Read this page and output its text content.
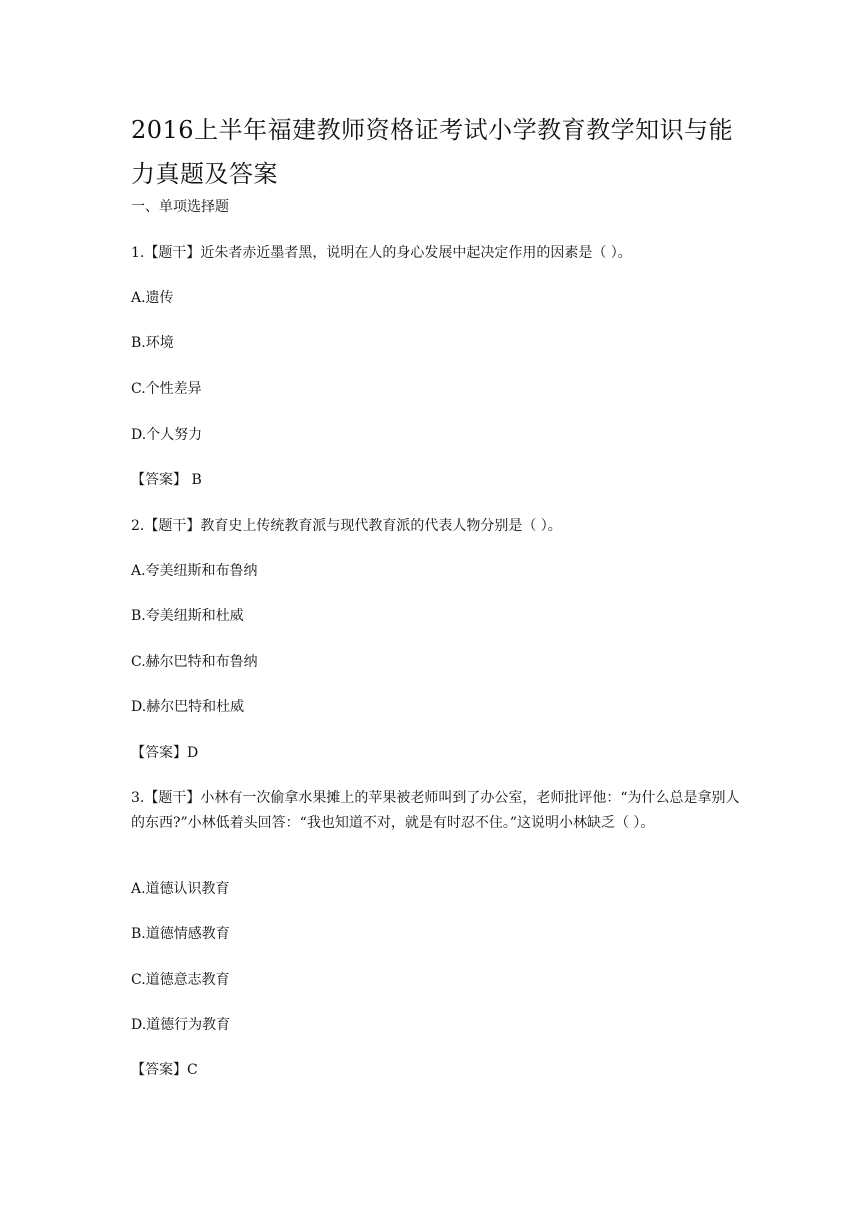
2016上半年福建教师资格证考试小学教育教学知识与能力真题及答案
一、单项选择题
1.【题干】近朱者赤近墨者黑，说明在人的身心发展中起决定作用的因素是（ ）。
A.遗传
B.环境
C.个性差异
D.个人努力
【答案】 B
2.【题干】教育史上传统教育派与现代教育派的代表人物分别是（ ）。
A.夸美纽斯和布鲁纳
B.夸美纽斯和杜威
C.赫尔巴特和布鲁纳
D.赫尔巴特和杜威
【答案】D
3.【题干】小林有一次偷拿水果摊上的苹果被老师叫到了办公室，老师批评他：“为什么总是拿别人的东西?”小林低着头回答：“我也知道不对，就是有时忍不住。”这说明小林缺乏（ ）。
A.道德认识教育
B.道德情感教育
C.道德意志教育
D.道德行为教育
【答案】C
